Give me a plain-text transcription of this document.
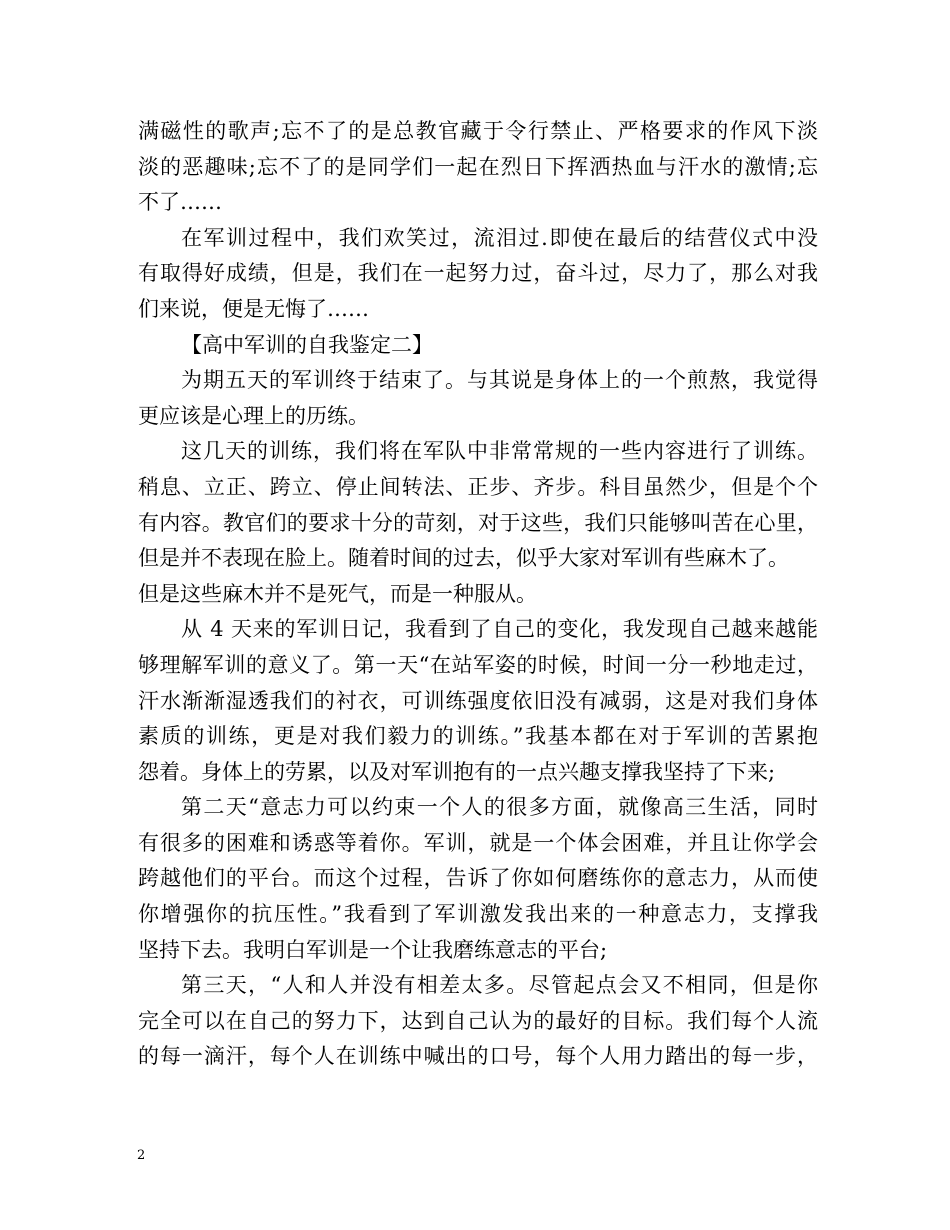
满磁性的歌声;忘不了的是总教官藏于令行禁止、严格要求的作风下淡
淡的恶趣味;忘不了的是同学们一起在烈日下挥洒热血与汗水的激情;忘
不了……
在军训过程中，我们欢笑过，流泪过.即使在最后的结营仪式中没
有取得好成绩，但是，我们在一起努力过，奋斗过，尽力了，那么对我
们来说，便是无悔了……
【高中军训的自我鉴定二】
为期五天的军训终于结束了。与其说是身体上的一个煎熬，我觉得
更应该是心理上的历练。
这几天的训练，我们将在军队中非常常规的一些内容进行了训练。
稍息、立正、跨立、停止间转法、正步、齐步。科目虽然少，但是个个
有内容。教官们的要求十分的苛刻，对于这些，我们只能够叫苦在心里，
但是并不表现在脸上。随着时间的过去，似乎大家对军训有些麻木了。
但是这些麻木并不是死气，而是一种服从。
从 4 天来的军训日记，我看到了自己的变化，我发现自己越来越能
够理解军训的意义了。第一天“在站军姿的时候，时间一分一秒地走过，
汗水渐渐湿透我们的衬衣，可训练强度依旧没有减弱，这是对我们身体
素质的训练，更是对我们毅力的训练。”我基本都在对于军训的苦累抱
怨着。身体上的劳累，以及对军训抱有的一点兴趣支撑我坚持了下来;
第二天“意志力可以约束一个人的很多方面，就像高三生活，同时
有很多的困难和诱惑等着你。军训，就是一个体会困难，并且让你学会
跨越他们的平台。而这个过程，告诉了你如何磨练你的意志力，从而使
你增强你的抗压性。”我看到了军训激发我出来的一种意志力，支撑我
坚持下去。我明白军训是一个让我磨练意志的平台;
第三天，“人和人并没有相差太多。尽管起点会又不相同，但是你
完全可以在自己的努力下，达到自己认为的最好的目标。我们每个人流
的每一滴汗，每个人在训练中喊出的口号，每个人用力踏出的每一步，
2
